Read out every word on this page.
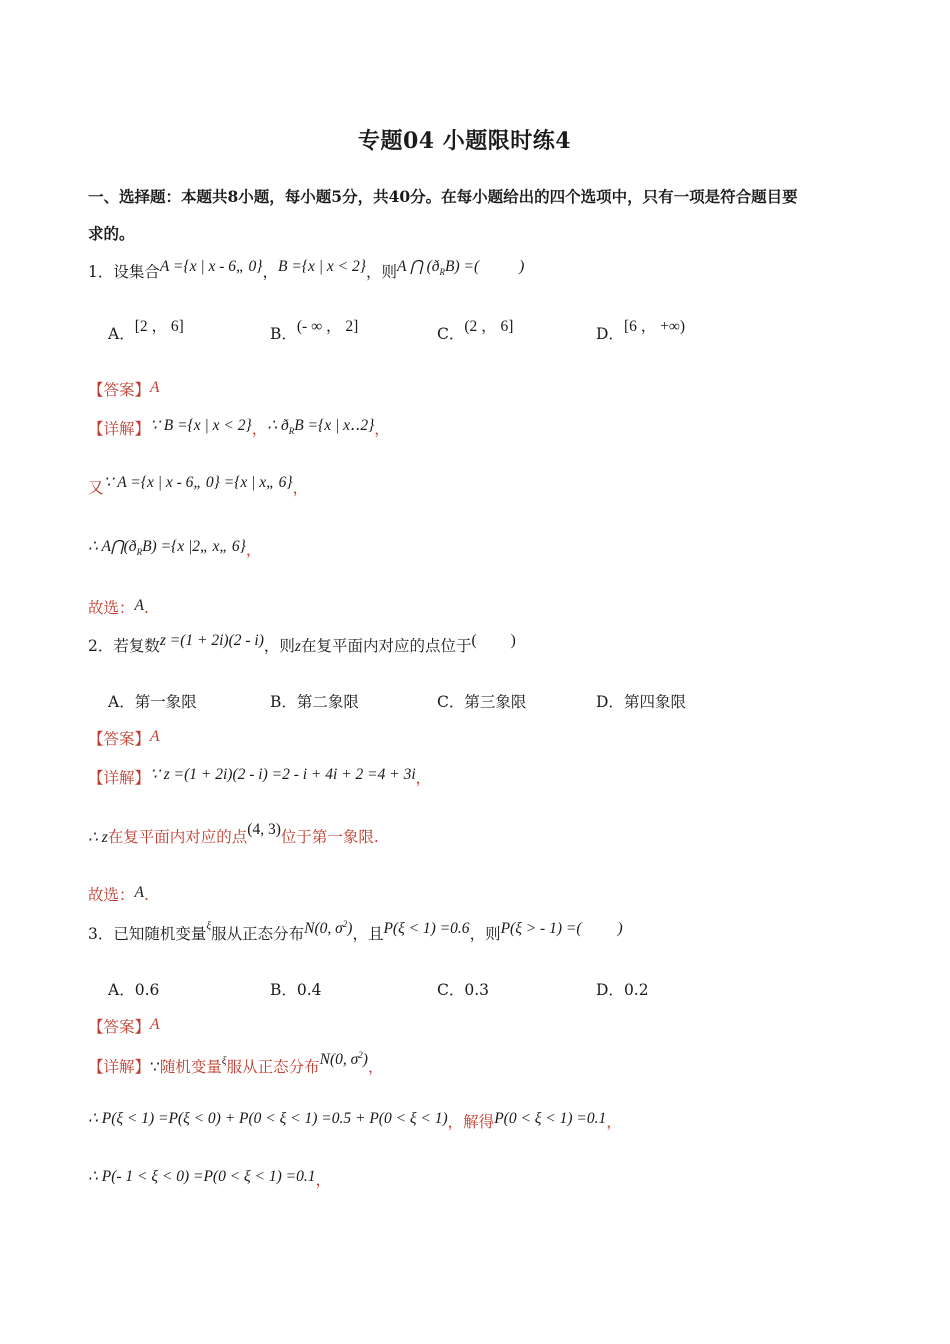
专题04 小题限时练4
一、选择题：本题共8小题，每小题5分，共40分。在每小题给出的四个选项中，只有一项是符合题目要
求的。
1．设集合A ={x | x - 6„ 0}，B ={x | x < 2}，则A ⋂ $(ð_RB)$ =(	)
A．[2 ， 6]	B．(- ∞ ， 2]	C．(2 ， 6]	D．[6 ， +∞)
【答案】A
【详解】∵ B ={x | x < 2}，∴ $ð_RB =\{x$ | x‥2}，
又∵ A ={x | x - 6„ 0} ={x | x„ 6}，
∴ $A⋂(ð_RB) =\{x$ |2„ x„ 6}，
故选：A.
2．若复数z =(1 + 2i)(2 - i)，则z在复平面内对应的点位于( )
A．第一象限	B．第二象限	C．第三象限	D．第四象限
【答案】A
【详解】∵ z =(1 + 2i)(2 - i) =2 - i + 4i + 2 =4 + 3i，
∴ z在复平面内对应的点(4, 3)位于第一象限.
故选：A.
3．已知随机变量$^\xi$服从正态分布N(0, $\sigma^2$)，且P(ξ < 1) =0.6，则P(ξ > - 1) =( )
A．0.6	B．0.4	C．0.3	D．0.2
【答案】A
【详解】∵随机变量$^\xi$服从正态分布N(0, $\sigma^2$)，
∴ P(ξ < 1) =P(ξ < 0) + P(0 < ξ < 1) =0.5 + P(0 < ξ < 1)，解得P(0 < ξ < 1) =0.1，
∴ P(- 1 < ξ < 0) =P(0 < ξ < 1) =0.1，
